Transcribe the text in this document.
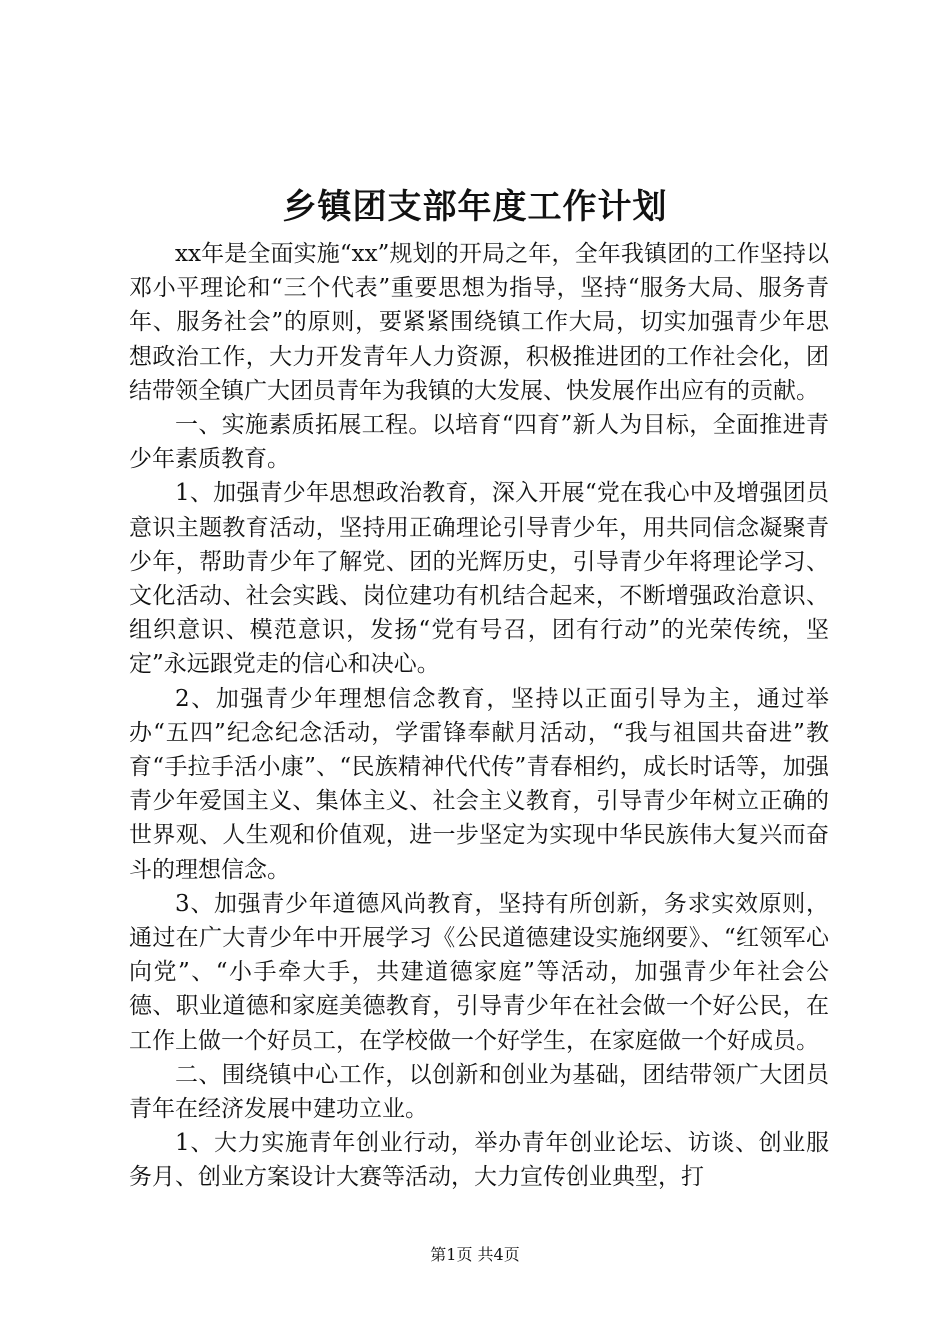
乡镇团支部年度工作计划

xx年是全面实施“xx”规划的开局之年，全年我镇团的工作坚持以邓小平理论和“三个代表”重要思想为指导，坚持“服务大局、服务青年、服务社会”的原则，要紧紧围绕镇工作大局，切实加强青少年思想政治工作，大力开发青年人力资源，积极推进团的工作社会化，团结带领全镇广大团员青年为我镇的大发展、快发展作出应有的贡献。

一、实施素质拓展工程。以培育“四育”新人为目标，全面推进青少年素质教育。

1、加强青少年思想政治教育，深入开展“党在我心中及增强团员意识主题教育活动，坚持用正确理论引导青少年，用共同信念凝聚青少年，帮助青少年了解党、团的光辉历史，引导青少年将理论学习、文化活动、社会实践、岗位建功有机结合起来，不断增强政治意识、组织意识、模范意识，发扬“党有号召，团有行动”的光荣传统，坚定”永远跟党走的信心和决心。

2、加强青少年理想信念教育，坚持以正面引导为主，通过举办“五四”纪念纪念活动，学雷锋奉献月活动，“我与祖国共奋进”教育“手拉手活小康”、“民族精神代代传”青春相约，成长时话等，加强青少年爱国主义、集体主义、社会主义教育，引导青少年树立正确的世界观、人生观和价值观，进一步坚定为实现中华民族伟大复兴而奋斗的理想信念。

3、加强青少年道德风尚教育，坚持有所创新，务求实效原则，通过在广大青少年中开展学习《公民道德建设实施纲要》、“红领军心向党”、“小手牵大手，共建道德家庭”等活动，加强青少年社会公德、职业道德和家庭美德教育，引导青少年在社会做一个好公民，在工作上做一个好员工，在学校做一个好学生，在家庭做一个好成员。

二、围绕镇中心工作，以创新和创业为基础，团结带领广大团员青年在经济发展中建功立业。

1、大力实施青年创业行动，举办青年创业论坛、访谈、创业服务月、创业方案设计大赛等活动，大力宣传创业典型，打

第1页 共4页
